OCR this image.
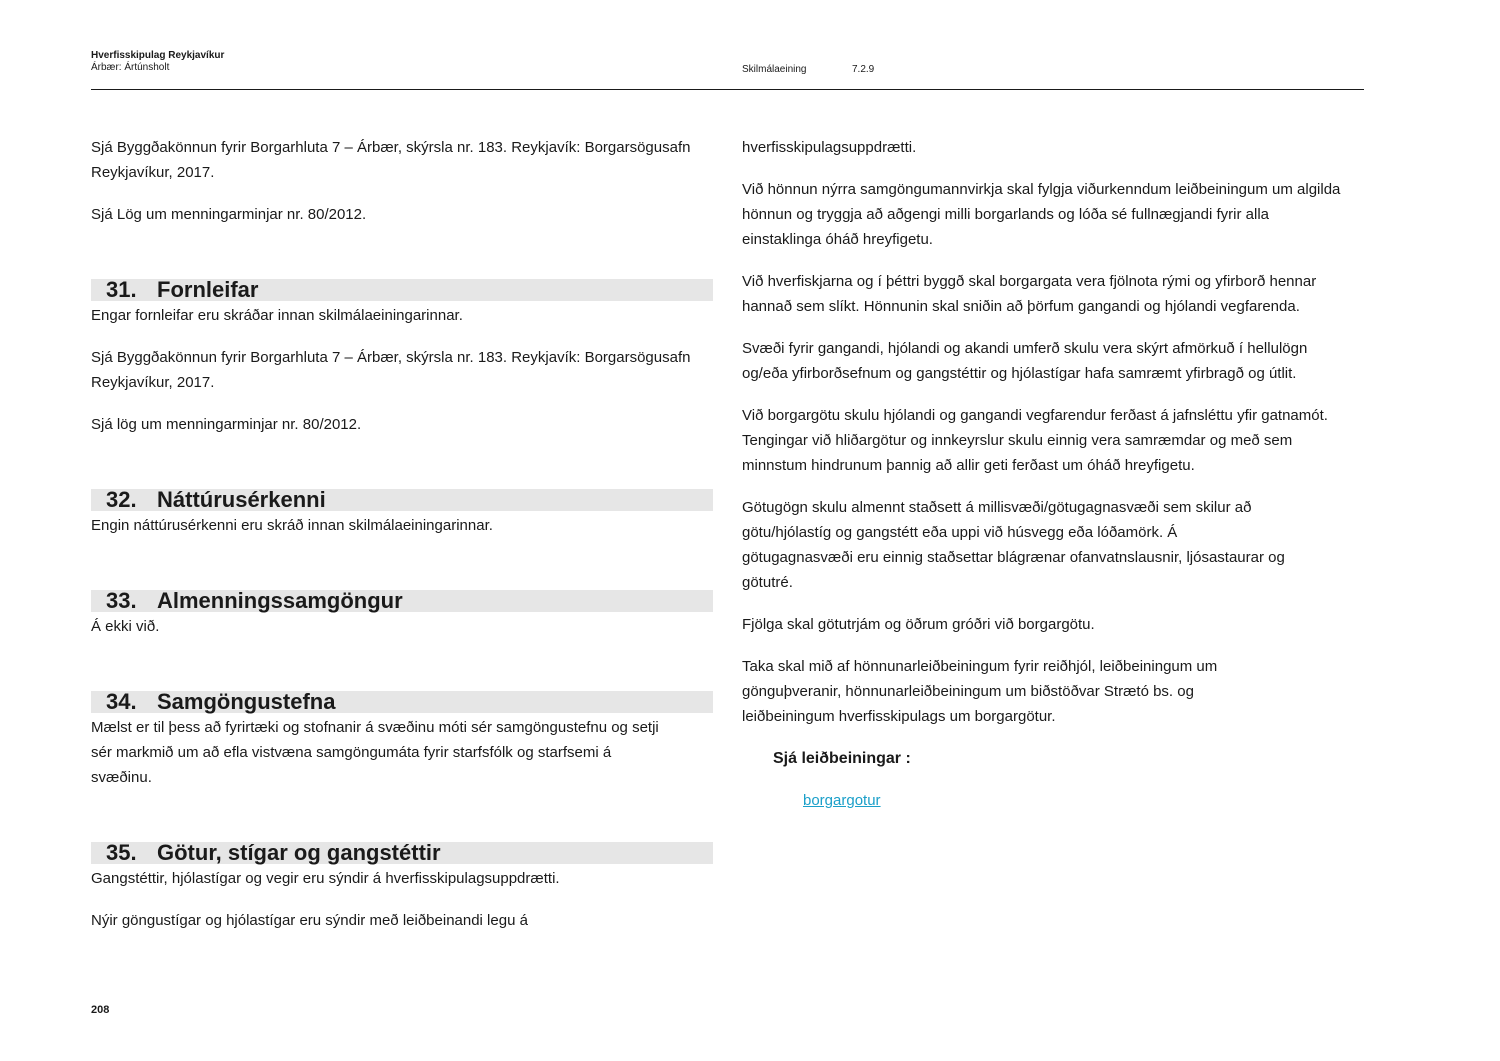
Hverfisskipulag Reykjavíkur
Árbær: Ártúnsholt	Skilmálaeining	7.2.9

Sjá Byggðakönnun fyrir Borgarhluta 7 – Árbær, skýrsla nr. 183. Reykjavík: Borgarsögusafn Reykjavíkur, 2017.

Sjá Lög um menningarminjar nr. 80/2012.

31. Fornleifar

Engar fornleifar eru skráðar innan skilmálaeiningarinnar.

Sjá Byggðakönnun fyrir Borgarhluta 7 – Árbær, skýrsla nr. 183. Reykjavík: Borgarsögusafn Reykjavíkur, 2017.

Sjá lög um menningarminjar nr. 80/2012.

32. Náttúrusérkenni

Engin náttúrusérkenni eru skráð innan skilmálaeiningarinnar.

33. Almenningssamgöngur

Á ekki við.

34. Samgöngustefna

Mælst er til þess að fyrirtæki og stofnanir á svæðinu móti sér samgöngustefnu og setji sér markmið um að efla vistvæna samgöngumáta fyrir starfsfólk og starfsemi á svæðinu.

35. Götur, stígar og gangstéttir

Gangstéttir, hjólastígar og vegir eru sýndir á hverfisskipulagsuppdrætti.

Nýir göngustígar og hjólastígar eru sýndir með leiðbeinandi legu á

hverfisskipulagsuppdrætti.

Við hönnun nýrra samgöngumannvirkja skal fylgja viðurkenndum leiðbeiningum um algilda hönnun og tryggja að aðgengi milli borgarlands og lóða sé fullnægjandi fyrir alla einstaklinga óháð hreyfigetu.

Við hverfiskjarna og í þéttri byggð skal borgargata vera fjölnota rými og yfirborð hennar hannað sem slíkt. Hönnunin skal sniðin að þörfum gangandi og hjólandi vegfarenda.

Svæði fyrir gangandi, hjólandi og akandi umferð skulu vera skýrt afmörkuð í hellulögn og/eða yfirborðsefnum og gangstéttir og hjólastígar hafa samræmt yfirbragð og útlit.

Við borgargötu skulu hjólandi og gangandi vegfarendur ferðast á jafnsléttu yfir gatnamót. Tengingar við hliðargötur og innkeyrslur skulu einnig vera samræmdar og með sem minnstum hindrunum þannig að allir geti ferðast um óháð hreyfigetu.

Götugögn skulu almennt staðsett á millisvæði/götugagnasvæði sem skilur að götu/hjólastíg og gangstétt eða uppi við húsvegg eða lóðamörk. Á götugagnasvæði eru einnig staðsettar blágrænar ofanvatnslausnir, ljósastaurar og götutré.

Fjölga skal götutrjám og öðrum gróðri við borgargötu.

Taka skal mið af hönnunarleiðbeiningum fyrir reiðhjól, leiðbeiningum um gönguþveranir, hönnunarleiðbeiningum um biðstöðvar Strætó bs. og leiðbeiningum hverfisskipulags um borgargötur.

Sjá leiðbeiningar :
borgargotur
208
